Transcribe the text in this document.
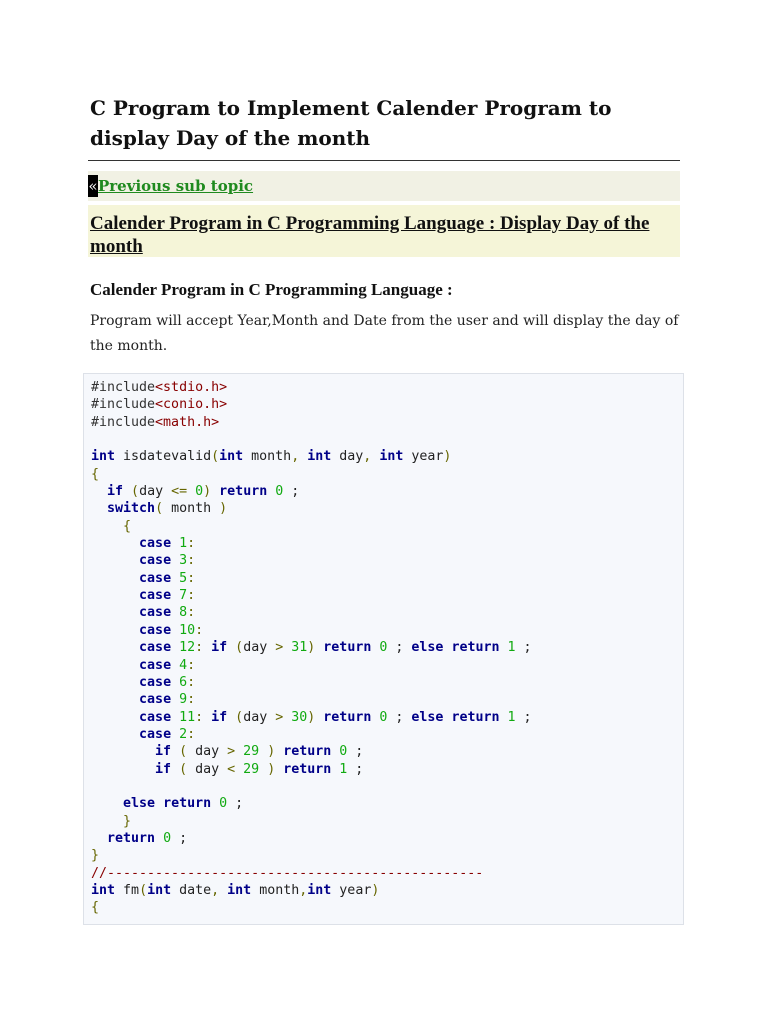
C Program to Implement Calender Program to display Day of the month
« Previous sub topic
Calender Program in C Programming Language : Display Day of the month
Calender Program in C Programming Language :

Program will accept Year,Month and Date from the user and will display the day of the month.

#include<stdio.h>
#include<conio.h>
#include<math.h>

int isdatevalid(int month, int day, int year)
{
if (day <= 0) return 0 ;
switch( month )
{
case 1:
case 3:
case 5:
case 7:
case 8:
case 10:
case 12: if (day > 31) return 0 ; else return 1 ;
case 4:
case 6:
case 9:
case 11: if (day > 30) return 0 ; else return 1 ;
case 2:
if ( day > 29 ) return 0 ;
if ( day < 29 ) return 1 ;

else return 0 ;
}
return 0 ;
}
//-----------------------------------------------
int fm(int date, int month,int year)
{
